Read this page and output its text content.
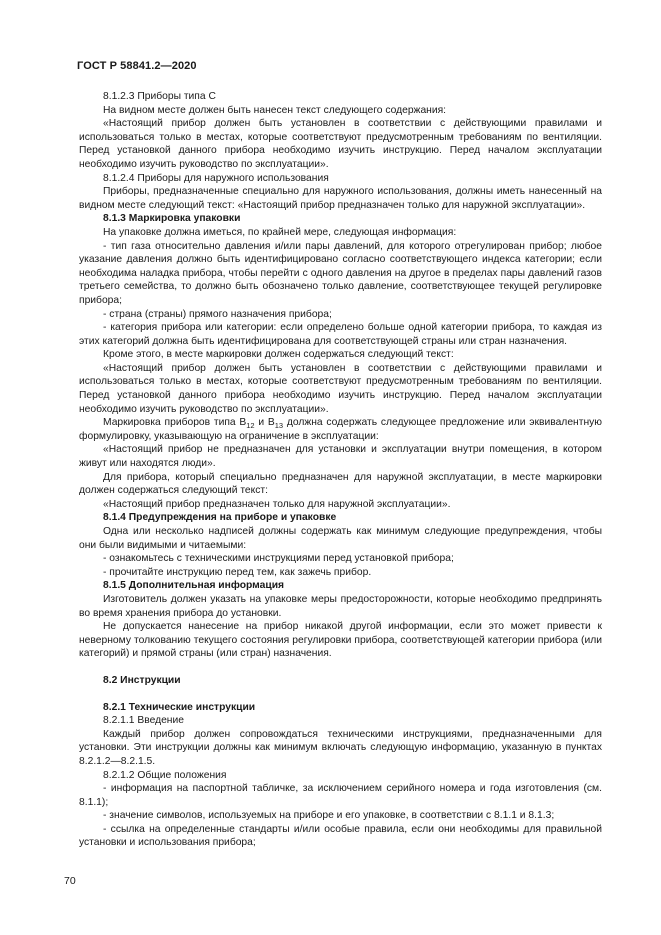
ГОСТ Р 58841.2—2020

8.1.2.3 Приборы типа C

На видном месте должен быть нанесен текст следующего содержания:

«Настоящий прибор должен быть установлен в соответствии с действующими правилами и использоваться только в местах, которые соответствуют предусмотренным требованиям по вентиляции. Перед установкой данного прибора необходимо изучить инструкцию. Перед началом эксплуатации необходимо изучить руководство по эксплуатации».

8.1.2.4 Приборы для наружного использования

Приборы, предназначенные специально для наружного использования, должны иметь нанесенный на видном месте следующий текст: «Настоящий прибор предназначен только для наружной эксплуатации».

8.1.3 Маркировка упаковки

На упаковке должна иметься, по крайней мере, следующая информация:

- тип газа относительно давления и/или пары давлений, для которого отрегулирован прибор; любое указание давления должно быть идентифицировано согласно соответствующего индекса категории; если необходима наладка прибора, чтобы перейти с одного давления на другое в пределах пары давлений газов третьего семейства, то должно быть обозначено только давление, соответствующее текущей регулировке прибора;

- страна (страны) прямого назначения прибора;

- категория прибора или категории: если определено больше одной категории прибора, то каждая из этих категорий должна быть идентифицирована для соответствующей страны или стран назначения.

Кроме этого, в месте маркировки должен содержаться следующий текст:

«Настоящий прибор должен быть установлен в соответствии с действующими правилами и использоваться только в местах, которые соответствуют предусмотренным требованиям по вентиляции. Перед установкой данного прибора необходимо изучить инструкцию. Перед началом эксплуатации необходимо изучить руководство по эксплуатации».

Маркировка приборов типа $B_{12}$ и $B_{13}$ должна содержать следующее предложение или эквивалентную формулировку, указывающую на ограничение в эксплуатации:

«Настоящий прибор не предназначен для установки и эксплуатации внутри помещения, в котором живут или находятся люди».

Для прибора, который специально предназначен для наружной эксплуатации, в месте маркировки должен содержаться следующий текст:

«Настоящий прибор предназначен только для наружной эксплуатации».

8.1.4 Предупреждения на приборе и упаковке

Одна или несколько надписей должны содержать как минимум следующие предупреждения, чтобы они были видимыми и читаемыми:

- ознакомьтесь с техническими инструкциями перед установкой прибора;

- прочитайте инструкцию перед тем, как зажечь прибор.

8.1.5 Дополнительная информация

Изготовитель должен указать на упаковке меры предосторожности, которые необходимо предпринять во время хранения прибора до установки.

Не допускается нанесение на прибор никакой другой информации, если это может привести к неверному толкованию текущего состояния регулировки прибора, соответствующей категории прибора (или категорий) и прямой страны (или стран) назначения.

8.2 Инструкции

8.2.1 Технические инструкции

8.2.1.1 Введение

Каждый прибор должен сопровождаться техническими инструкциями, предназначенными для установки. Эти инструкции должны как минимум включать следующую информацию, указанную в пунктах 8.2.1.2—8.2.1.5.

8.2.1.2 Общие положения

- информация на паспортной табличке, за исключением серийного номера и года изготовления (см. 8.1.1);

- значение символов, используемых на приборе и его упаковке, в соответствии с 8.1.1 и 8.1.3;

- ссылка на определенные стандарты и/или особые правила, если они необходимы для правильной установки и использования прибора;

70
